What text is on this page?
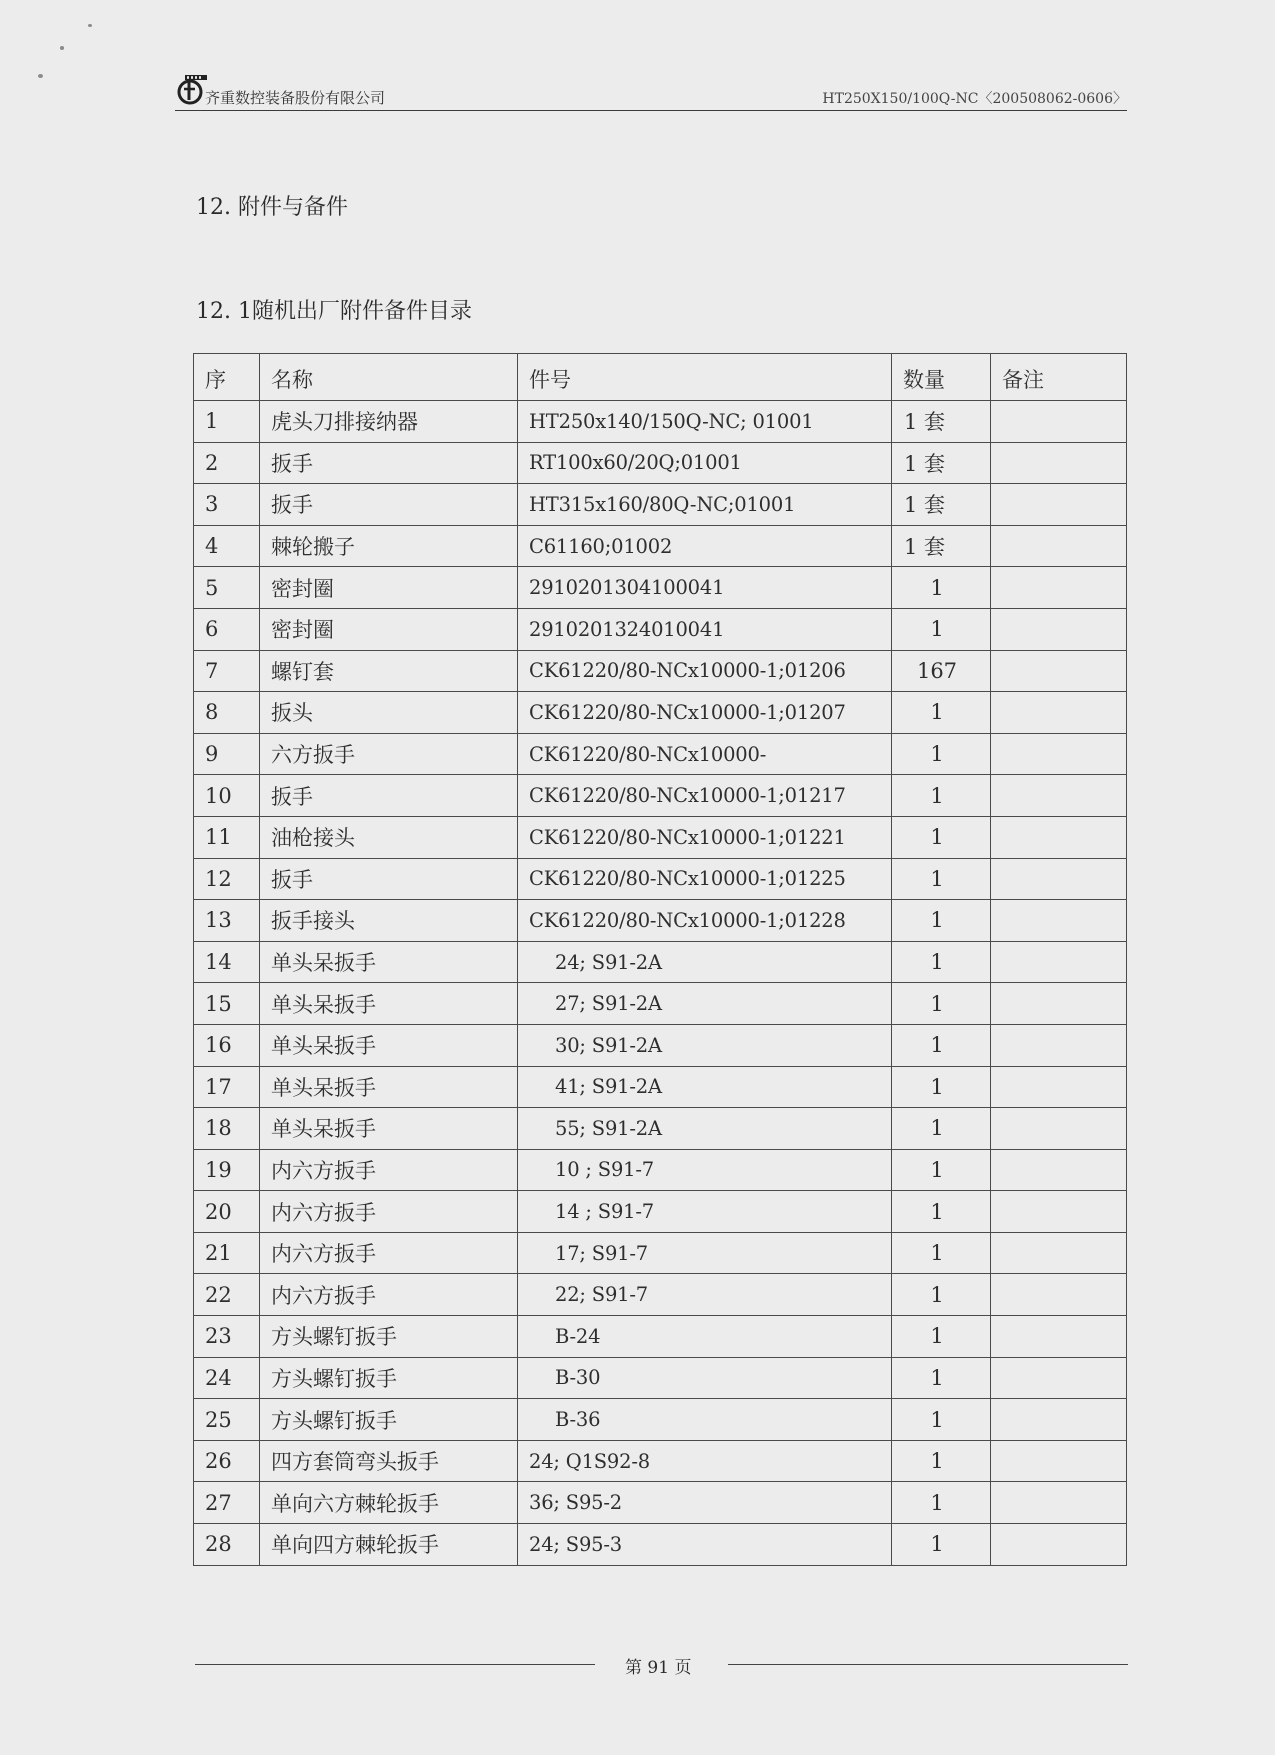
齐重数控装备股份有限公司	HT250X150/100Q-NC〈200508062-0606〉
12. 附件与备件
12. 1随机出厂附件备件目录
序	名称	件号	数量	备注
1	虎头刀排接纳器	HT250x140/150Q-NC; 01001	1 套	
2	扳手	RT100x60/20Q;01001	1 套	
3	扳手	HT315x160/80Q-NC;01001	1 套	
4	棘轮搬子	C61160;01002	1 套	
5	密封圈	2910201304100041	1	
6	密封圈	2910201324010041	1	
7	螺钉套	CK61220/80-NCx10000-1;01206	167	
8	扳头	CK61220/80-NCx10000-1;01207	1	
9	六方扳手	CK61220/80-NCx10000-	1	
10	扳手	CK61220/80-NCx10000-1;01217	1	
11	油枪接头	CK61220/80-NCx10000-1;01221	1	
12	扳手	CK61220/80-NCx10000-1;01225	1	
13	扳手接头	CK61220/80-NCx10000-1;01228	1	
14	单头呆扳手	24; S91-2A	1	
15	单头呆扳手	27; S91-2A	1	
16	单头呆扳手	30; S91-2A	1	
17	单头呆扳手	41; S91-2A	1	
18	单头呆扳手	55; S91-2A	1	
19	内六方扳手	10 ; S91-7	1	
20	内六方扳手	14 ; S91-7	1	
21	内六方扳手	17; S91-7	1	
22	内六方扳手	22; S91-7	1	
23	方头螺钉扳手	B-24	1	
24	方头螺钉扳手	B-30	1	
25	方头螺钉扳手	B-36	1	
26	四方套筒弯头扳手	24; Q1S92-8	1	
27	单向六方棘轮扳手	36; S95-2	1	
28	单向四方棘轮扳手	24; S95-3	1	
第 91 页
